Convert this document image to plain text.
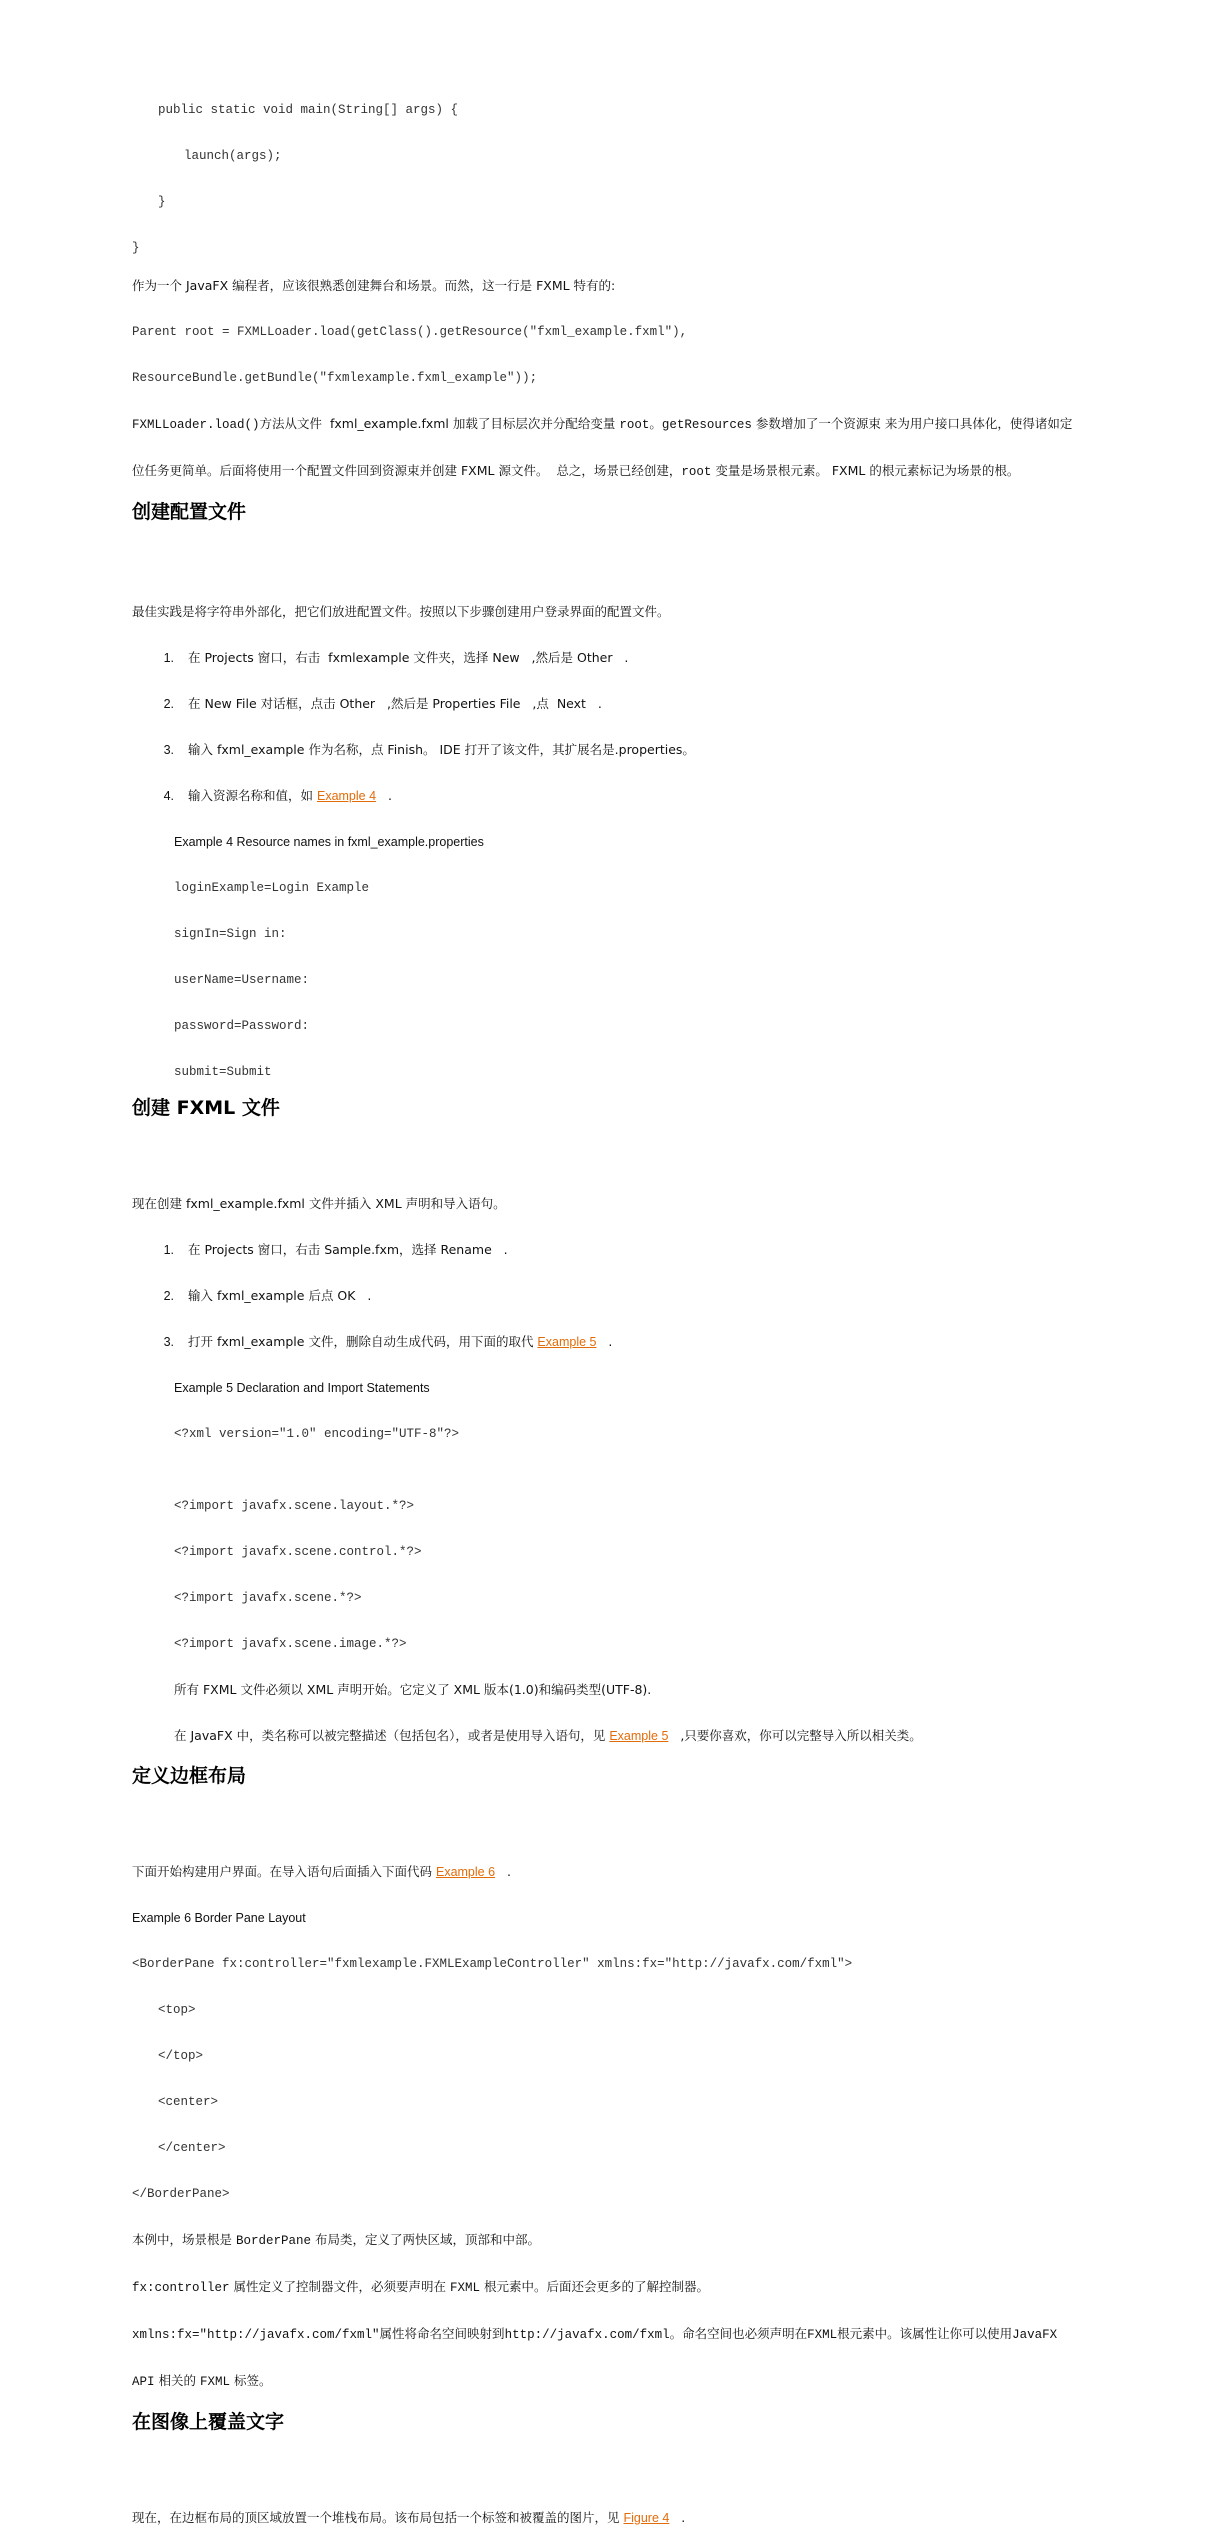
public static void main(String[] args) {
launch(args);
}
}
作为一个 JavaFX 编程者，应该很熟悉创建舞台和场景。而然，这一行是 FXML 特有的:
Parent root = FXMLLoader.load(getClass().getResource("fxml_example.fxml"),
ResourceBundle.getBundle("fxmlexample.fxml_example"));
FXMLLoader.load()方法从文件  fxml_example.fxml 加载了目标层次并分配给变量 root。getResources 参数增加了一个资源束 来为用户接口具体化，使得诸如定
位任务更简单。后面将使用一个配置文件回到资源束并创建 FXML 源文件。  总之，场景已经创建，root 变量是场景根元素。 FXML 的根元素标记为场景的根。
创建配置文件
最佳实践是将字符串外部化，把它们放进配置文件。按照以下步骤创建用户登录界面的配置文件。
1. 在 Projects 窗口，右击  fxmlexample 文件夹，选择 New   ,然后是 Other   .
2. 在 New File 对话框，点击 Other   ,然后是 Properties File   ,点  Next   .
3. 输入 fxml_example 作为名称，点 Finish。 IDE 打开了该文件，其扩展名是.properties。
4. 输入资源名称和值，如 Example 4   .
Example 4 Resource names in fxml_example.properties
loginExample=Login Example
signIn=Sign in:
userName=Username:
password=Password:
submit=Submit
创建 FXML 文件
现在创建 fxml_example.fxml 文件并插入 XML 声明和导入语句。
1. 在 Projects 窗口，右击 Sample.fxm，选择 Rename   .
2. 输入 fxml_example 后点 OK   .
3. 打开 fxml_example 文件，删除自动生成代码，用下面的取代 Example 5   .
Example 5 Declaration and Import Statements
<?xml version="1.0" encoding="UTF-8"?>
<?import javafx.scene.layout.*?>
<?import javafx.scene.control.*?>
<?import javafx.scene.*?>
<?import javafx.scene.image.*?>
所有 FXML 文件必须以 XML 声明开始。它定义了 XML 版本(1.0)和编码类型(UTF-8).
在 JavaFX 中，类名称可以被完整描述（包括包名），或者是使用导入语句，见 Example 5   ,只要你喜欢，你可以完整导入所以相关类。
定义边框布局
下面开始构建用户界面。在导入语句后面插入下面代码 Example 6   .
Example 6 Border Pane Layout
<BorderPane fx:controller="fxmlexample.FXMLExampleController" xmlns:fx="http://javafx.com/fxml">
<top>
</top>
<center>
</center>
</BorderPane>
本例中，场景根是 BorderPane 布局类，定义了两快区域，顶部和中部。
fx:controller 属性定义了控制器文件，必须要声明在 FXML 根元素中。后面还会更多的了解控制器。
xmlns:fx="http://javafx.com/fxml"属性将命名空间映射到http://javafx.com/fxml。命名空间也必须声明在FXML根元素中。该属性让你可以使用JavaFX
API 相关的 FXML 标签。
在图像上覆盖文字
现在，在边框布局的顶区域放置一个堆栈布局。该布局包括一个标签和被覆盖的图片，见 Figure 4   .
